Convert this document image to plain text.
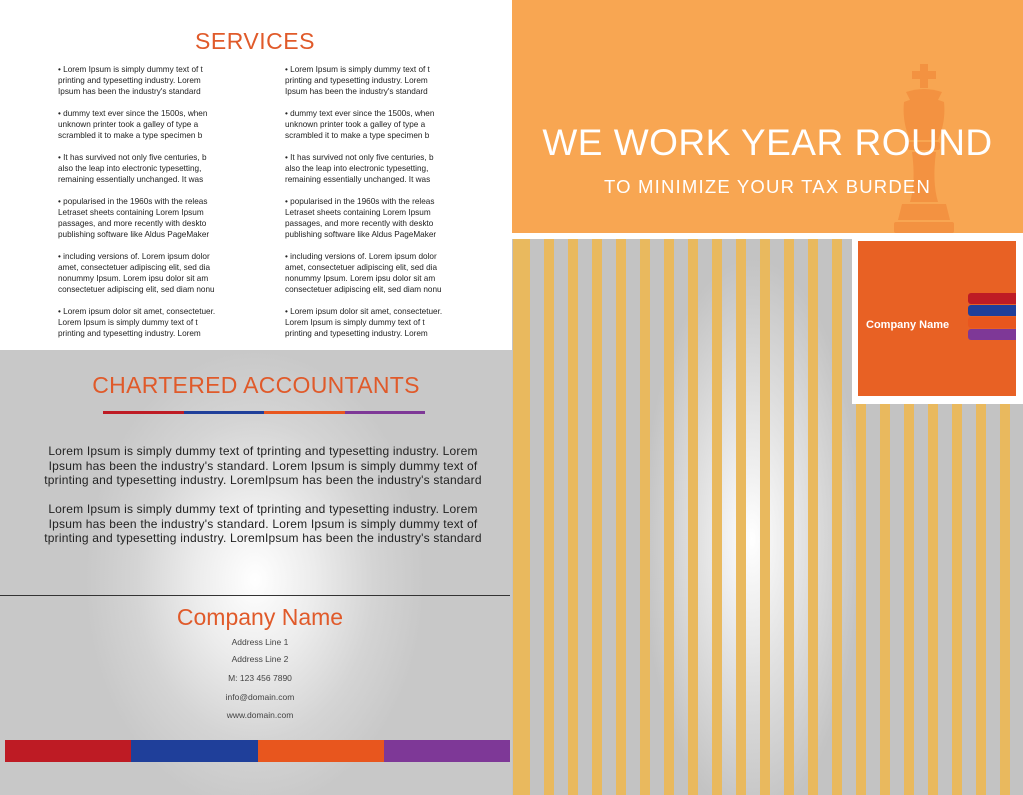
SERVICES
• Lorem Ipsum is simply dummy text of t
printing and typesetting industry. Lorem
Ipsum has been the industry's standard
• dummy text ever since the 1500s, when
unknown printer took a galley of type a
scrambled it to make a type specimen b
• It has survived not only five centuries, b
also the leap into electronic typesetting,
remaining essentially unchanged. It was
• popularised in the 1960s with the releas
Letraset sheets containing Lorem Ipsum
passages, and more recently with deskto
publishing software like Aldus PageMaker
• including versions of. Lorem ipsum dolor
amet, consectetuer adipiscing elit, sed dia
nonummy Ipsum. Lorem ipsu dolor sit am
consectetuer adipiscing elit, sed diam nonu
• Lorem ipsum dolor sit amet, consectetuer.
Lorem Ipsum is simply dummy text of t
printing and typesetting industry. Lorem
• Lorem Ipsum is simply dummy text of t
printing and typesetting industry. Lorem
Ipsum has been the industry's standard
• dummy text ever since the 1500s, when
unknown printer took a galley of type a
scrambled it to make a type specimen b
• It has survived not only five centuries, b
also the leap into electronic typesetting,
remaining essentially unchanged. It was
• popularised in the 1960s with the releas
Letraset sheets containing Lorem Ipsum
passages, and more recently with deskto
publishing software like Aldus PageMaker
• including versions of. Lorem ipsum dolor
amet, consectetuer adipiscing elit, sed dia
nonummy Ipsum. Lorem ipsu dolor sit am
consectetuer adipiscing elit, sed diam nonu
• Lorem ipsum dolor sit amet, consectetuer.
Lorem Ipsum is simply dummy text of t
printing and typesetting industry. Lorem
CHARTERED ACCOUNTANTS
Lorem Ipsum is simply dummy text of tprinting and typesetting industry. Lorem Ipsum has been the industry's standard. Lorem Ipsum is simply dummy text of tprinting and typesetting industry. LoremIpsum has been the industry's standard
Lorem Ipsum is simply dummy text of tprinting and typesetting industry. Lorem Ipsum has been the industry's standard. Lorem Ipsum is simply dummy text of tprinting and typesetting industry. LoremIpsum has been the industry's standard
Company Name
Address Line 1
Address Line 2
M: 123 456 7890
info@domain.com
www.domain.com
WE WORK YEAR ROUND
TO MINIMIZE YOUR TAX BURDEN
Company Name
